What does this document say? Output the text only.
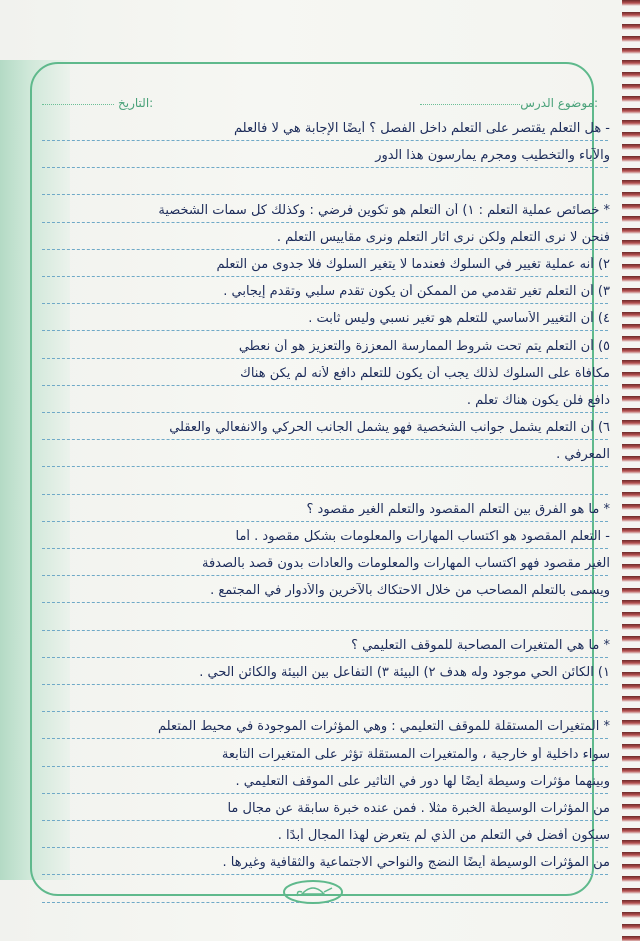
التاريخ:	موضوع الدرس:
- هل التعلم يقتصر على التعلم داخل الفصل ؟ أيضًا الإجابة هي لا فالعلم
والآباء والتخطيب ومجرم يمارسون هذا الدور
* خصائص عملية التعلم : ١) أن التعلم هو تكوين فرضي : وكذلك كل سمات الشخصية
فنحن لا نرى التعلم ولكن نرى آثار التعلم ونرى مقاييس التعلم .
٢) أنه عملية تغيير في السلوك فعندما لا يتغير السلوك فلا جدوى من التعلم
٣) أن التعلم تغير تقدمي من الممكن أن يكون تقدم سلبي وتقدم إيجابي .
٤) أن التغيير الأساسي للتعلم هو تغير نسبي وليس ثابت .
٥) أن التعلم يتم تحت شروط الممارسة المعززة والتعزيز هو أن نعطي
مكافأة على السلوك لذلك يجب أن يكون للتعلم دافع لأنه لم يكن هناك
دافع فلن يكون هناك تعلم .
٦) أن التعلم يشمل جوانب الشخصية فهو يشمل الجانب الحركي والانفعالي والعقلي
المعرفي .
* ما هو الفرق بين التعلم المقصود والتعلم الغير مقصود ؟
- التعلم المقصود هو اكتساب المهارات والمعلومات بشكل مقصود . أما
الغير مقصود فهو اكتساب المهارات والمعلومات والعادات بدون قصد بالصدفة
ويسمى بالتعلم المصاحب من خلال الاحتكاك بالآخرين والأدوار في المجتمع .
* ما هي المتغيرات المصاحبة للموقف التعليمي ؟
١) الكائن الحي موجود وله هدف ٢) البيئة ٣) التفاعل بين البيئة والكائن الحي .
* المتغيرات المستقلة للموقف التعليمي : وهي المؤثرات الموجودة في محيط المتعلم
سواء داخلية أو خارجية ، والمتغيرات المستقلة تؤثر على المتغيرات التابعة
وبينهما مؤثرات وسيطة أيضًا لها دور في التأثير على الموقف التعليمي .
من المؤثرات الوسيطة الخبرة مثلًا . فمن عنده خبرة سابقة عن مجال ما
سيكون أفضل في التعلم من الذي لم يتعرض لهذا المجال أبدًا .
من المؤثرات الوسيطة أيضًا النضج والنواحي الاجتماعية والثقافية وغيرها .
